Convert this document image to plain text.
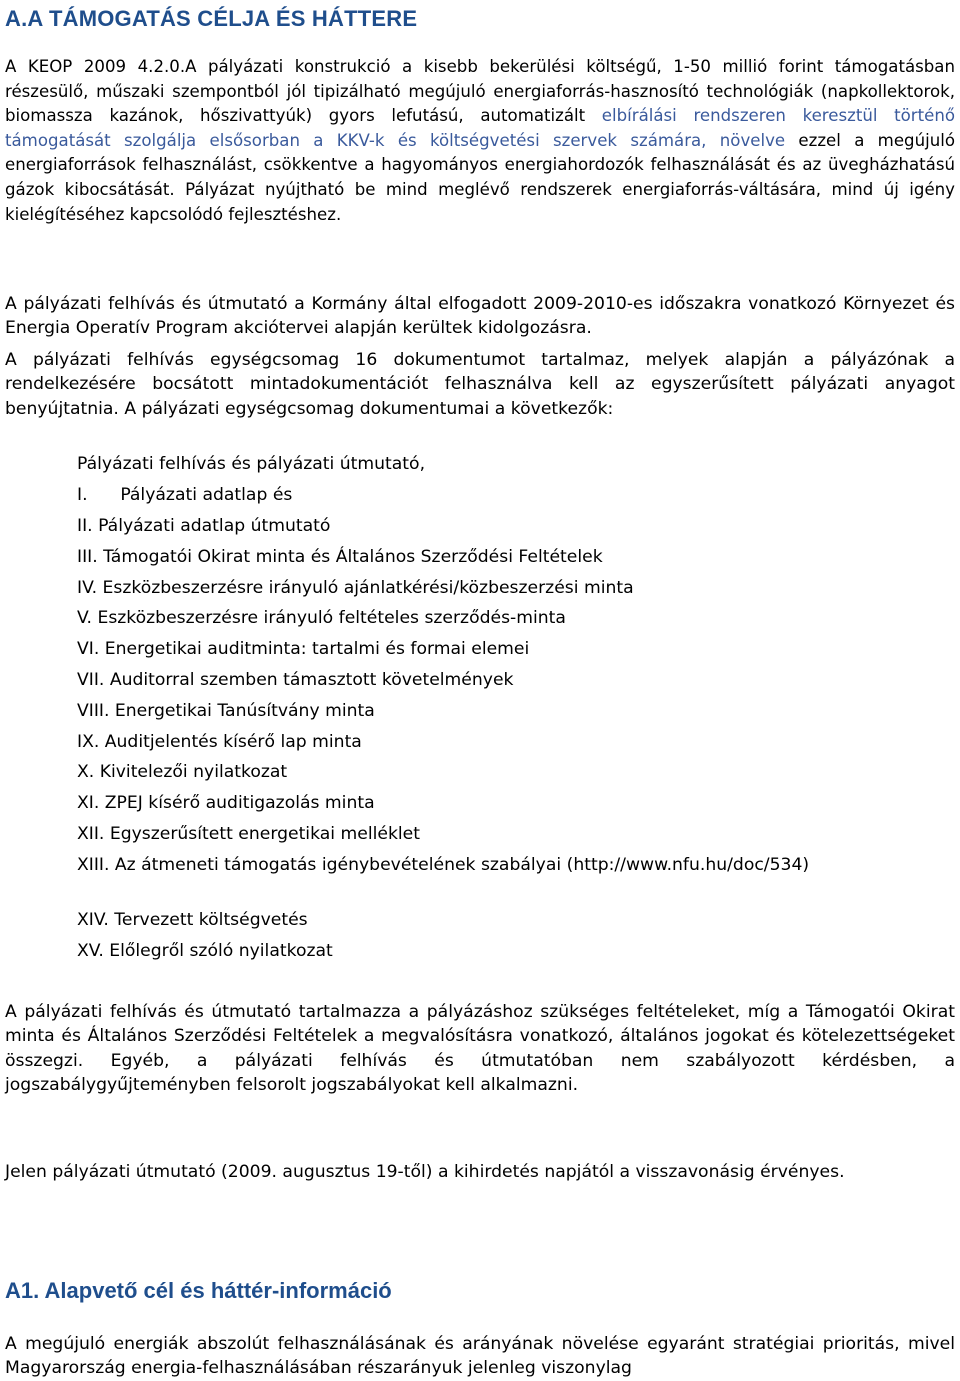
A.A TÁMOGATÁS CÉLJA ÉS HÁTTERE

A KEOP 2009 4.2.0.A pályázati konstrukció a kisebb bekerülési költségű, 1-50 millió forint támogatásban részesülő, műszaki szempontból jól tipizálható megújuló energiaforrás-hasznosító technológiák (napkollektorok, biomassza kazánok, hőszivattyúk) gyors lefutású, automatizált elbírálási rendszeren keresztül történő támogatását szolgálja elsősorban a KKV-k és költségvetési szervek számára, növelve ezzel a megújuló energiaforrások felhasználást, csökkentve a hagyományos energiahordozók felhasználását és az üvegházhatású gázok kibocsátását. Pályázat nyújtható be mind meglévő rendszerek energiaforrás-váltására, mind új igény kielégítéséhez kapcsolódó fejlesztéshez.

A pályázati felhívás és útmutató a Kormány által elfogadott 2009-2010-es időszakra vonatkozó Környezet és Energia Operatív Program akciótervei alapján kerültek kidolgozásra.

A pályázati felhívás egységcsomag 16 dokumentumot tartalmaz, melyek alapján a pályázónak a rendelkezésére bocsátott mintadokumentációt felhasználva kell az egyszerűsített pályázati anyagot benyújtatnia. A pályázati egységcsomag dokumentumai a következők:

Pályázati felhívás és pályázati útmutató,
I.      Pályázati adatlap és
II. Pályázati adatlap útmutató
III. Támogatói Okirat minta és Általános Szerződési Feltételek
IV. Eszközbeszerzésre irányuló ajánlatkérési/közbeszerzési minta
V. Eszközbeszerzésre irányuló feltételes szerződés-minta
VI. Energetikai auditminta: tartalmi és formai elemei
VII. Auditorral szemben támasztott követelmények
VIII. Energetikai Tanúsítvány minta
IX. Auditjelentés kísérő lap minta
X. Kivitelezői nyilatkozat
XI. ZPEJ kísérő auditigazolás minta
XII. Egyszerűsített energetikai melléklet
XIII. Az átmeneti támogatás igénybevételének szabályai (http://www.nfu.hu/doc/534)
XIV. Tervezett költségvetés
XV. Előlegről szóló nyilatkozat

A pályázati felhívás és útmutató tartalmazza a pályázáshoz szükséges feltételeket, míg a Támogatói Okirat minta és Általános Szerződési Feltételek a megvalósításra vonatkozó, általános jogokat és kötelezettségeket összegzi. Egyéb, a pályázati felhívás és útmutatóban nem szabályozott kérdésben, a jogszabálygyűjteményben felsorolt jogszabályokat kell alkalmazni.

Jelen pályázati útmutató (2009. augusztus 19-től) a kihirdetés napjától a visszavonásig érvényes.

A1. Alapvető cél és háttér-információ

A megújuló energiák abszolút felhasználásának és arányának növelése egyaránt stratégiai prioritás, mivel Magyarország energia-felhasználásában részarányuk jelenleg viszonylag
